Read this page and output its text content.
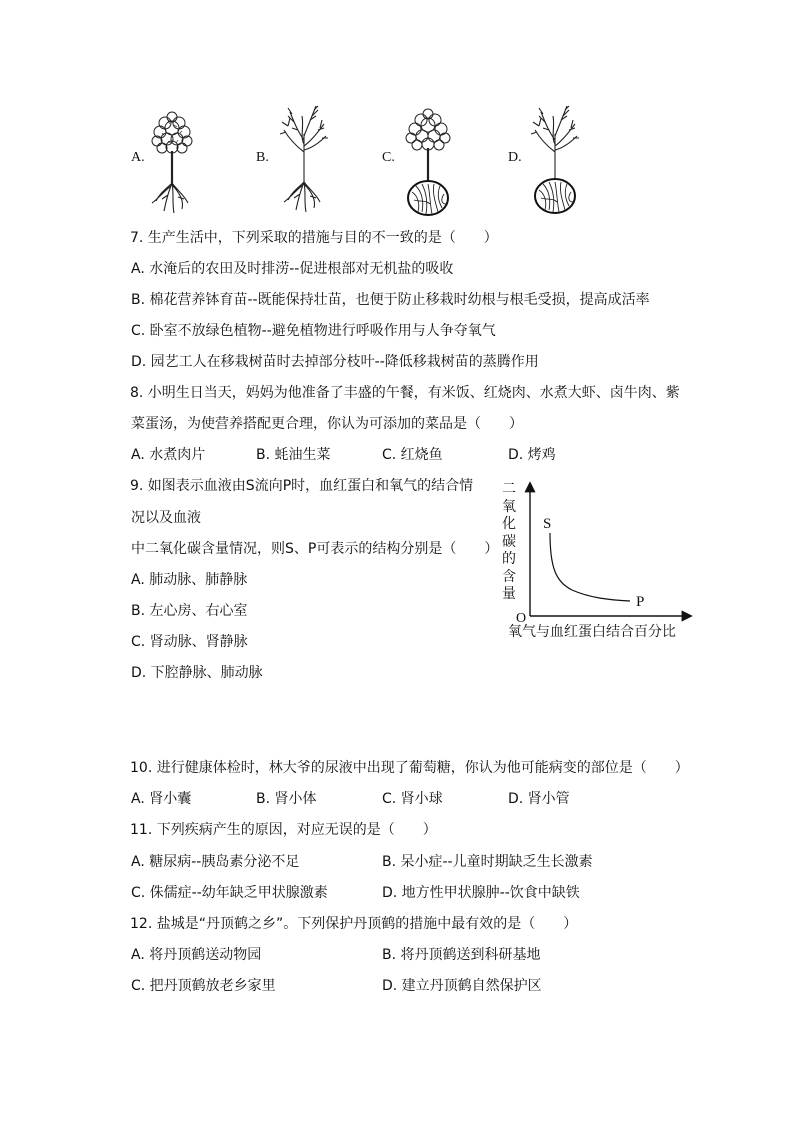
A.	B.	C.	D.
7. 生产生活中，下列采取的措施与目的不一致的是（　　）
A. 水淹后的农田及时排涝--促进根部对无机盐的吸收
B. 棉花营养钵育苗--既能保持壮苗，也便于防止移栽时幼根与根毛受损，提高成活率
C. 卧室不放绿色植物--避免植物进行呼吸作用与人争夺氧气
D. 园艺工人在移栽树苗时去掉部分枝叶--降低移栽树苗的蒸腾作用
8. 小明生日当天，妈妈为他准备了丰盛的午餐，有米饭、红烧肉、水煮大虾、卤牛肉、紫
菜蛋汤，为使营养搭配更合理，你认为可添加的菜品是（　　）
A. 水煮肉片	B. 蚝油生菜	C. 红烧鱼	D. 烤鸡
9. 如图表示血液由S流向P时，血红蛋白和氧气的结合情
况以及血液
中二氧化碳含量情况，则S、P可表示的结构分别是（　　）
A. 肺动脉、肺静脉
B. 左心房、右心室
C. 肾动脉、肾静脉
D. 下腔静脉、肺动脉
二氧化碳的含量
S
P
O
氧气与血红蛋白结合百分比
10. 进行健康体检时，林大爷的尿液中出现了葡萄糖，你认为他可能病变的部位是（　　）
A. 肾小囊	B. 肾小体	C. 肾小球	D. 肾小管
11. 下列疾病产生的原因，对应无误的是（　　）
A. 糖尿病--胰岛素分泌不足	B. 呆小症--儿童时期缺乏生长激素
C. 侏儒症--幼年缺乏甲状腺激素	D. 地方性甲状腺肿--饮食中缺铁
12. 盐城是“丹顶鹤之乡”。下列保护丹顶鹤的措施中最有效的是（　　）
A. 将丹顶鹤送动物园	B. 将丹顶鹤送到科研基地
C. 把丹顶鹤放老乡家里	D. 建立丹顶鹤自然保护区
